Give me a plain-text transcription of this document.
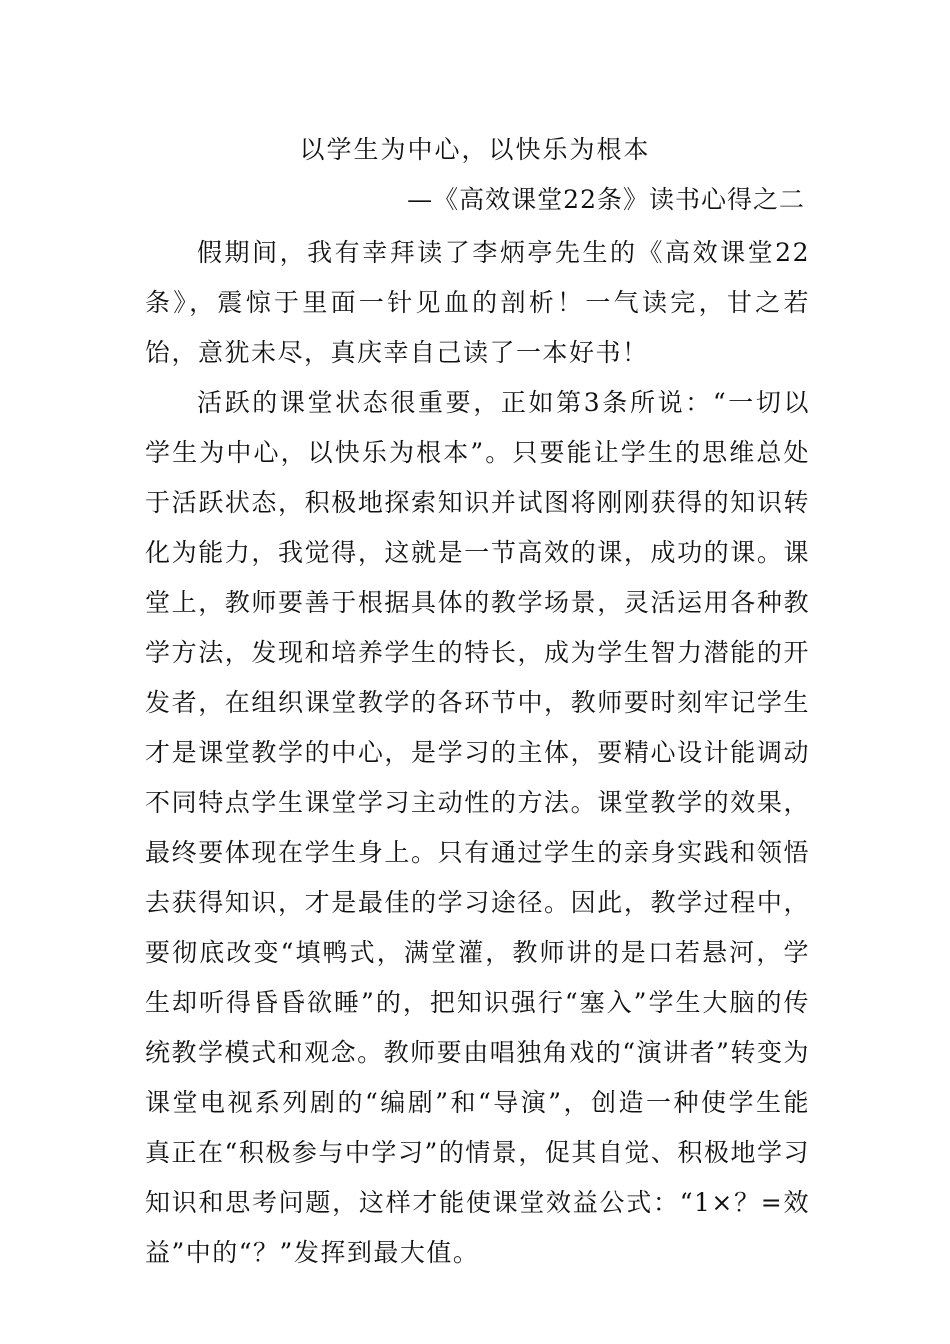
以学生为中心，以快乐为根本
—《高效课堂22条》读书心得之二

假期间，我有幸拜读了李炳亭先生的《高效课堂22条》，震惊于里面一针见血的剖析！一气读完，甘之若饴，意犹未尽，真庆幸自己读了一本好书！

活跃的课堂状态很重要，正如第3条所说：“一切以学生为中心，以快乐为根本”。只要能让学生的思维总处于活跃状态，积极地探索知识并试图将刚刚获得的知识转化为能力，我觉得，这就是一节高效的课，成功的课。课堂上，教师要善于根据具体的教学场景，灵活运用各种教学方法，发现和培养学生的特长，成为学生智力潜能的开发者，在组织课堂教学的各环节中，教师要时刻牢记学生才是课堂教学的中心，是学习的主体，要精心设计能调动不同特点学生课堂学习主动性的方法。课堂教学的效果，最终要体现在学生身上。只有通过学生的亲身实践和领悟去获得知识，才是最佳的学习途径。因此，教学过程中，要彻底改变“填鸭式，满堂灌，教师讲的是口若悬河，学生却听得昏昏欲睡”的，把知识强行“塞入”学生大脑的传统教学模式和观念。教师要由唱独角戏的“演讲者”转变为课堂电视系列剧的“编剧”和“导演”，创造一种使学生能真正在“积极参与中学习”的情景，促其自觉、积极地学习知识和思考问题，这样才能使课堂效益公式：“1×？=效益”中的“？”发挥到最大值。
